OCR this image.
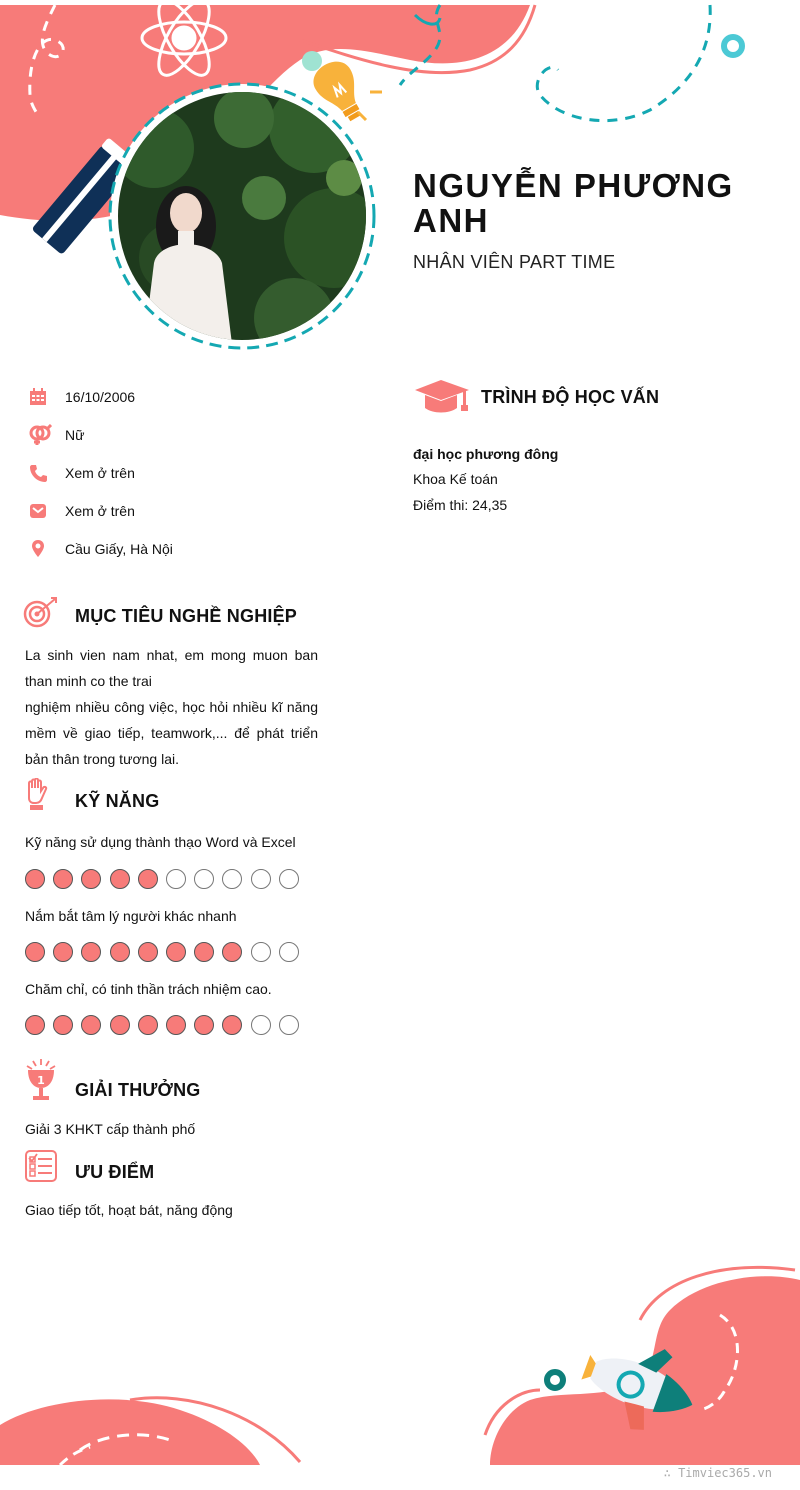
NGUYỄN PHƯƠNG ANH
NHÂN VIÊN PART TIME
16/10/2006
Nữ
Xem ở trên
Xem ở trên
Cầu Giấy, Hà Nội
TRÌNH ĐỘ HỌC VẤN
đại học phương đông
Khoa Kế toán
Điểm thi: 24,35
MỤC TIÊU NGHỀ NGHIỆP

La sinh vien nam nhat, em mong muon ban than minh co the trai

nghiệm nhiều công việc, học hỏi nhiều kĩ năng mềm về giao tiếp, teamwork,... để phát triển bản thân trong tương lai.

KỸ NĂNG
Kỹ năng sử dụng thành thạo Word và Excel
Nắm bắt tâm lý người khác nhanh
Chăm chỉ, có tinh thần trách nhiệm cao.
1 GIẢI THƯỞNG
Giải 3 KHKT cấp thành phố
ƯU ĐIỂM
Giao tiếp tốt, hoạt bát, năng động
∴ Timviec365.vn
